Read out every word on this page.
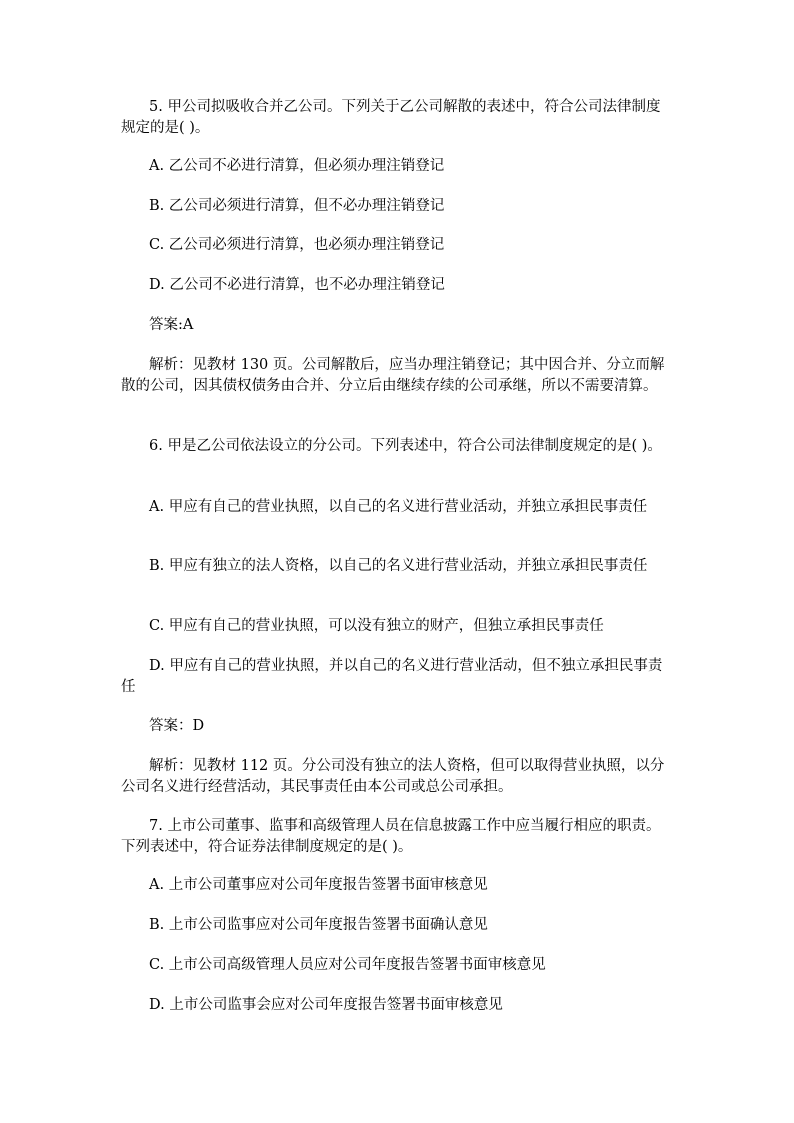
5. 甲公司拟吸收合并乙公司。下列关于乙公司解散的表述中，符合公司法律制度规定的是( )。

A. 乙公司不必进行清算，但必须办理注销登记

B. 乙公司必须进行清算，但不必办理注销登记

C. 乙公司必须进行清算，也必须办理注销登记

D. 乙公司不必进行清算，也不必办理注销登记

答案:A

解析：见教材 130 页。公司解散后，应当办理注销登记；其中因合并、分立而解散的公司，因其债权债务由合并、分立后由继续存续的公司承继，所以不需要清算。

6. 甲是乙公司依法设立的分公司。下列表述中，符合公司法律制度规定的是( )。

A. 甲应有自己的营业执照，以自己的名义进行营业活动，并独立承担民事责任

B. 甲应有独立的法人资格，以自己的名义进行营业活动，并独立承担民事责任

C. 甲应有自己的营业执照，可以没有独立的财产，但独立承担民事责任

D. 甲应有自己的营业执照，并以自己的名义进行营业活动，但不独立承担民事责任

答案：D

解析：见教材 112 页。分公司没有独立的法人资格，但可以取得营业执照，以分公司名义进行经营活动，其民事责任由本公司或总公司承担。

7. 上市公司董事、监事和高级管理人员在信息披露工作中应当履行相应的职责。下列表述中，符合证券法律制度规定的是( )。

A. 上市公司董事应对公司年度报告签署书面审核意见

B. 上市公司监事应对公司年度报告签署书面确认意见

C. 上市公司高级管理人员应对公司年度报告签署书面审核意见

D. 上市公司监事会应对公司年度报告签署书面审核意见
